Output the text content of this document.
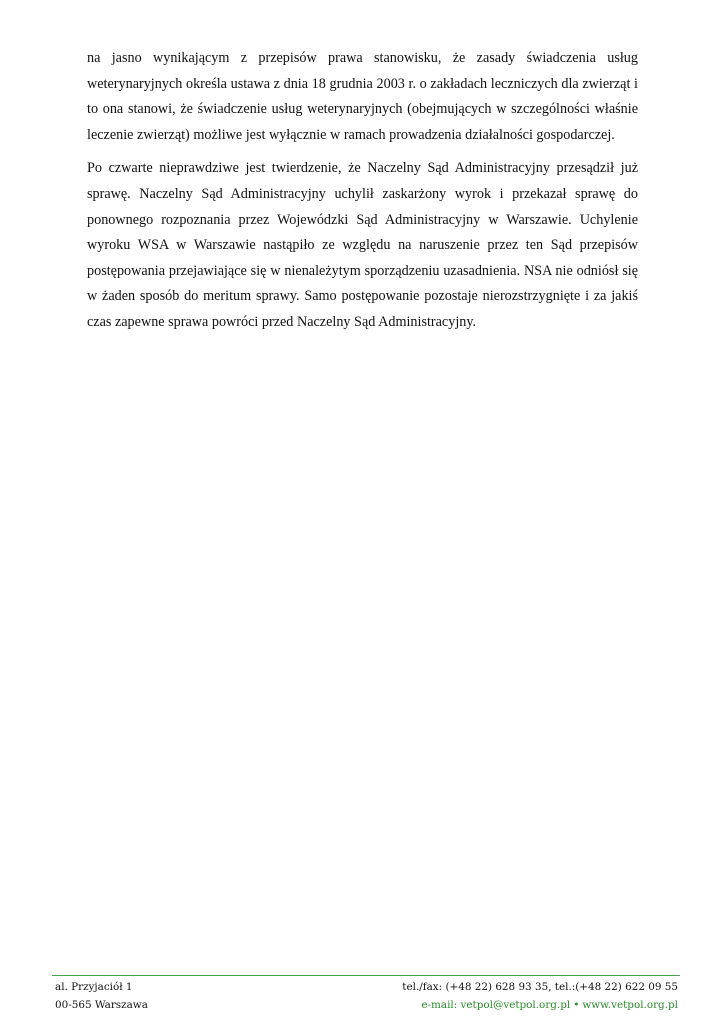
na jasno wynikającym z przepisów prawa stanowisku, że zasady świadczenia usług weterynaryjnych określa ustawa z dnia 18 grudnia 2003 r. o zakładach leczniczych dla zwierząt i to ona stanowi, że świadczenie usług weterynaryjnych (obejmujących w szczególności właśnie leczenie zwierząt) możliwe jest wyłącznie w ramach prowadzenia działalności gospodarczej.

Po czwarte nieprawdziwe jest twierdzenie, że Naczelny Sąd Administracyjny przesądził już sprawę. Naczelny Sąd Administracyjny uchylił zaskarżony wyrok i przekazał sprawę do ponownego rozpoznania przez Wojewódzki Sąd Administracyjny w Warszawie. Uchylenie wyroku WSA w Warszawie nastąpiło ze względu na naruszenie przez ten Sąd przepisów postępowania przejawiające się w nienależytym sporządzeniu uzasadnienia. NSA nie odniósł się w żaden sposób do meritum sprawy. Samo postępowanie pozostaje nierozstrzygnięte i za jakiś czas zapewne sprawa powróci przed Naczelny Sąd Administracyjny.

al. Przyjaciół 1
00-565 Warszawa
tel./fax: (+48 22) 628 93 35, tel.:(+48 22) 622 09 55
e-mail: vetpol@vetpol.org.pl • www.vetpol.org.pl
